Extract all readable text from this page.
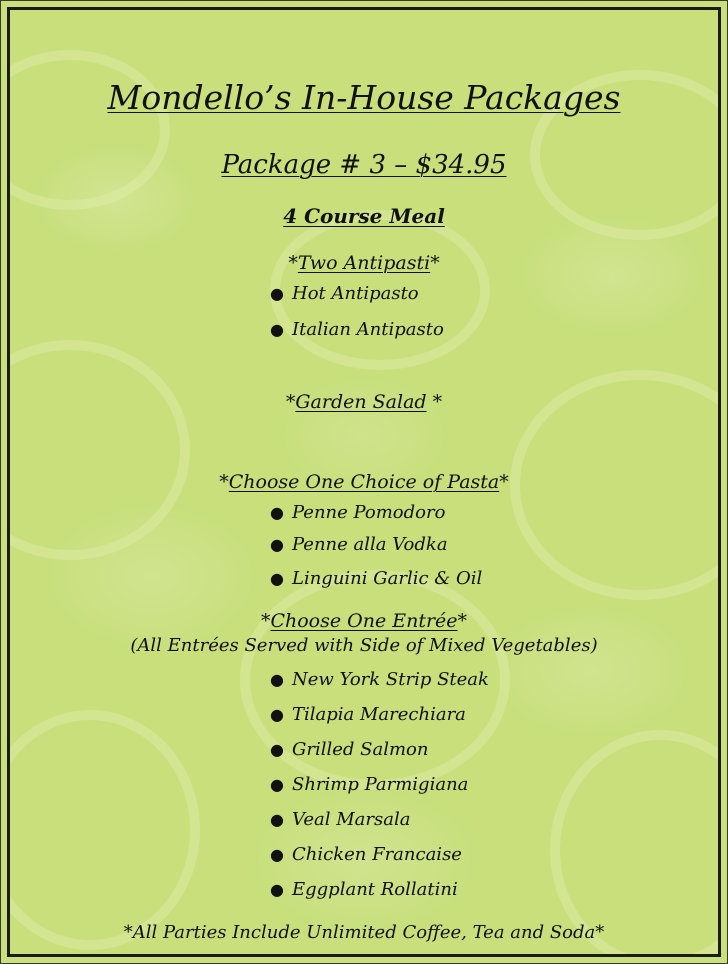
Mondello’s In-House Packages
Package # 3 – $34.95
4 Course Meal
*Two Antipasti*
● Hot Antipasto
● Italian Antipasto
*Garden Salad *
*Choose One Choice of Pasta*
● Penne Pomodoro
● Penne alla Vodka
● Linguini Garlic & Oil
*Choose One Entrée*
(All Entrées Served with Side of Mixed Vegetables)
● New York Strip Steak
● Tilapia Marechiara
● Grilled Salmon
● Shrimp Parmigiana
● Veal Marsala
● Chicken Francaise
● Eggplant Rollatini
*All Parties Include Unlimited Coffee, Tea and Soda*
